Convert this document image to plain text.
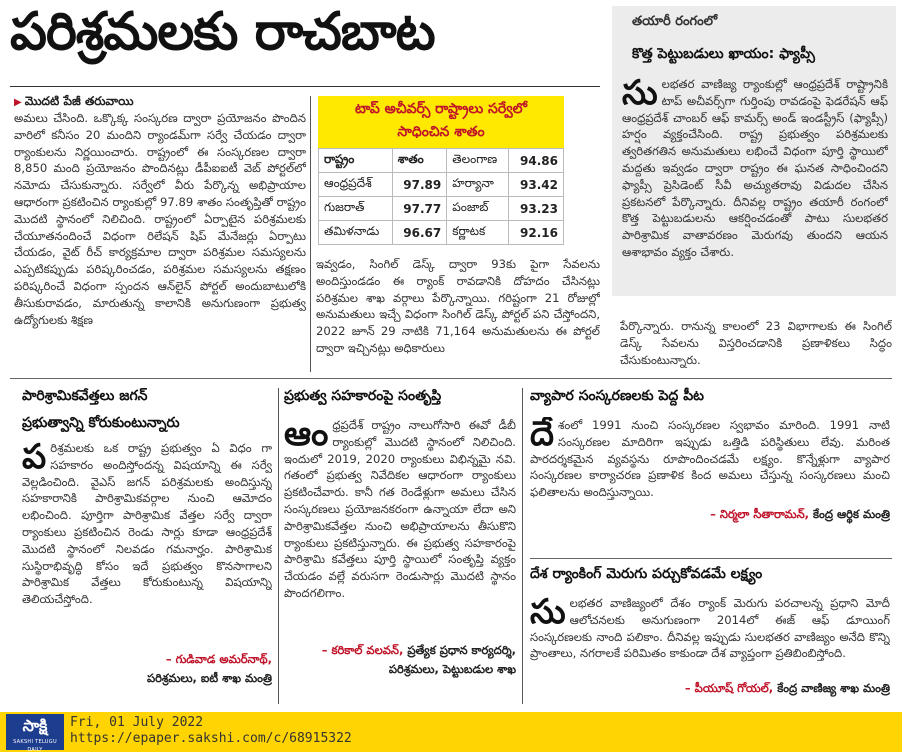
పరిశ్రమలకు రాచబాట
▶ మొదటి పేజీ తరువాయి
అమలు చేసింది. ఒక్కొక్క సంస్కరణ ద్వారా ప్రయోజనం పొందిన వారిలో కనీసం 20 మందిని ర్యాండమ్‌గా సర్వే చేయడం ద్వారా ర్యాంకులను నిర్ణయించారు. రాష్ట్రంలో ఈ సంస్కరణల ద్వారా 8,850 మంది ప్రయోజనం పొందినట్లు డీపీఐఐటీ వెబ్ పోర్టల్‌లో నమోదు చేసుకున్నారు. సర్వేలో వీరు పేర్కొన్న అభిప్రాయాల ఆధారంగా ప్రకటించిన ర్యాంకుల్లో 97.89 శాతం సంతృప్తితో రాష్ట్రం మొదటి స్థానంలో నిలిచింది. రాష్ట్రంలో ఏర్పాటైన పరిశ్రమలకు చేయూతనందించే విధంగా రిలేషన్ షిప్ మేనేజర్లు ఏర్పాటు చేయడం, వైట్ రీచ్ కార్యక్రమాల ద్వారా పరిశ్రమల సమస్యలను ఎప్పటికప్పుడు పరిష్కరించడం, పరిశ్రమల సమస్యలను తక్షణం పరిష్కరించే విధంగా స్పందన ఆన్‌లైన్ పోర్టల్ అందుబాటులోకి తీసుకురావడం, మారుతున్న కాలానికి అనుగుణంగా ప్రభుత్వ ఉద్యోగులకు శిక్షణ
టాప్ అచీవర్స్ రాష్ట్రాలు సర్వేలో
సాధించిన శాతం
రాష్ట్రం	శాతం	తెలంగాణ	94.86
ఆంధ్రప్రదేశ్	97.89	హర్యానా	93.42
గుజరాత్	97.77	పంజాబ్	93.23
తమిళనాడు	96.67	కర్ణాటక	92.16
ఇవ్వడం, సింగిల్ డెస్క్ ద్వారా 93కు పైగా సేవలను అందిస్తుండడం ఈ ర్యాంక్ రావడానికి దోహదం చేసినట్లు పరిశ్రమల శాఖ వర్గాలు పేర్కొన్నాయి. గరిష్టంగా 21 రోజుల్లో అనుమతులు ఇచ్చే విధంగా సింగిల్ డెస్క్ పోర్టల్ పని చేస్తోందని, 2022 జూన్ 29 నాటికి 71,164 అనుమతులను ఈ పోర్టల్ ద్వారా ఇచ్చినట్లు అధికారులు
తయారీ రంగంలో
కొత్త పెట్టుబడులు ఖాయం: ఫ్యాప్సీ
సులభతర వాణిజ్య ర్యాంకుల్లో ఆంధ్రప్రదేశ్ రాష్ట్రానికి టాప్ అచీవర్స్‌గా గుర్తింపు రావడంపై ఫెడరేషన్ ఆఫ్ ఆంధ్రప్రదేశ్ చాంబర్ ఆఫ్ కామర్స్ అండ్ ఇండస్ట్రీస్ (ఫ్యాప్సీ) హర్షం వ్యక్తంచేసింది. రాష్ట్ర ప్రభుత్వం పరిశ్రమలకు త్వరితగతిన అనుమతులు లభించే విధంగా పూర్తి స్థాయిలో మద్దతు ఇవ్వడం ద్వారా రాష్ట్రం ఈ ఘనత సాధించిందని ఫ్యాప్సీ ప్రెసిడెంట్ సీవీ అచ్యుతరావు విడుదల చేసిన ప్రకటనలో పేర్కొన్నారు. దీనివల్ల రాష్ట్రం తయారీ రంగంలో కొత్త పెట్టుబడులను ఆకర్షించడంతో పాటు సులభతర పారిశ్రామిక వాతావరణం మెరుగవు తుందని ఆయన ఆశాభావం వ్యక్తం చేశారు.
పేర్కొన్నారు. రానున్న కాలంలో 23 విభాగాలకు ఈ సింగిల్ డెస్క్ సేవలను విస్తరించడానికి ప్రణాళికలు సిద్ధం చేసుకుంటున్నారు.
పారిశ్రామికవేత్తలు జగన్
ప్రభుత్వాన్ని కోరుకుంటున్నారు
పరిశ్రమలకు ఒక రాష్ట్ర ప్రభుత్వం ఏ విధం గా సహకారం అందిస్తోందన్న విషయాన్ని ఈ సర్వే వెల్లడించింది. వైఎస్ జగన్ పరిశ్రమలకు అందిస్తున్న సహకారానికి పారిశ్రామికవర్గాల నుంచి ఆమోదం లభించింది. పూర్తిగా పారిశ్రామిక వేత్తల సర్వే ద్వారా ర్యాంకులు ప్రకటించిన రెండు సార్లు కూడా ఆంధ్రప్రదేశ్ మొదటి స్థానంలో నిలవడం గమనార్హం. పారిశ్రామిక సుస్థిరాభివృద్ధి కోసం ఇదే ప్రభుత్వం కొనసాగాలని పారిశ్రామిక వేత్తలు కోరుకుంటున్న విషయాన్ని తెలియచేస్తోంది.
– గుడివాడ అమర్‌నాథ్,
పరిశ్రమలు, ఐటీ శాఖ మంత్రి
ప్రభుత్వ సహకారంపై సంతృప్తి
ఆంధ్రప్రదేశ్ రాష్ట్రం నాలుగోసారి ఈవో డీబీ ర్యాంకుల్లో మొదటి స్థానంలో నిలిచింది. ఇందులో 2019, 2020 ర్యాంకులు విభిన్నమై నవి. గతంలో ప్రభుత్వ నివేదికల ఆధారంగా ర్యాంకులు ప్రకటించేవారు. కానీ గత రెండేళ్లుగా అమలు చేసిన సంస్కరణలు ప్రయోజనకరంగా ఉన్నాయా లేదా అని పారిశ్రామికవేత్తల నుంచి అభిప్రాయాలను తీసుకొని ర్యాంకులు ప్రకటిస్తున్నారు. ఈ ప్రభుత్వ సహకారంపై పారిశ్రామి కవేత్తలు పూర్తి స్థాయిలో సంతృప్తి వ్యక్తం చేయడం వల్లే వరుసగా రెండుసార్లు మొదటి స్థానం పొందగలిగాం.
– కరికాల్ వలవన్, ప్రత్యేక ప్రధాన కార్యదర్శి,
పరిశ్రమలు, పెట్టుబడుల శాఖ
వ్యాపార సంస్కరణలకు పెద్ద పీట
దేశంలో 1991 నుంచి సంస్కరణల స్వభావం మారింది. 1991 నాటి సంస్కరణల మాదిరిగా ఇప్పుడు ఒత్తిడి పరిస్థితులు లేవు. మరింత పారదర్శకమైన వ్యవస్థను రూపొందించడమే లక్ష్యం. కొన్నేళ్లుగా వ్యాపార సంస్కరణల కార్యాచరణ ప్రణాళిక కింద అమలు చేస్తున్న సంస్కరణలు మంచి ఫలితాలను అందిస్తున్నాయి.
– నిర్మలా సీతారామన్, కేంద్ర ఆర్థిక మంత్రి
దేశ ర్యాంకింగ్ మెరుగు పర్చుకోవడమే లక్ష్యం
సులభతర వాణిజ్యంలో దేశం ర్యాంక్ మెరుగు పరచాలన్న ప్రధాని మోదీ ఆలోచనలకు అనుగుణంగా 2014లో ఈజ్ ఆఫ్ డూయింగ్ సంస్కరణలకు నాంది పలికాం. దీనివల్ల ఇప్పుడు సులభతర వాణిజ్యం అనేది కొన్ని ప్రాంతాలు, నగరాలకే పరిమితం కాకుండా దేశ వ్యాప్తంగా ప్రతిబింబిస్తోంది.
– పీయూష్ గోయల్, కేంద్ర వాణిజ్య శాఖ మంత్రి
సాక్షి
SAKSHI TELUGU DAILY
Fri, 01 July 2022
https://epaper.sakshi.com/c/68915322
